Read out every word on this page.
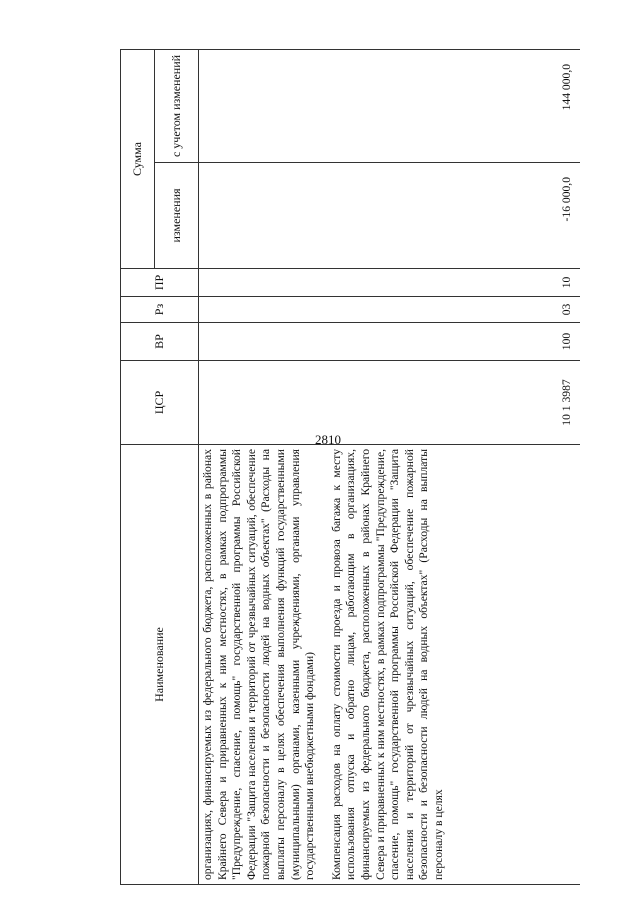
2810
Наименование	ЦСР	ВР	Рз	ПР	Сумма	
					изменения	с учетом изменений

организациях, финансируемых из федерального бюджета, расположенных в районах Крайнего Севера и приравненных к ним местностях, в рамках подпрограммы "Предупреждение, спасение, помощь" государственной программы Российской Федерации "Защита населения и территорий от чрезвычайных ситуаций, обеспечение пожарной безопасности и безопасности людей на водных объектах" (Расходы на выплаты персоналу в целях обеспечения выполнения функций государственными (муниципальными) органами, казенными учреждениями, органами управления государственными внебюджетными фондами) Компенсация расходов на оплату стоимости проезда и провоза багажа к месту использования отпуска и обратно лицам, работающим в организациях, финансируемых из федерального бюджета, расположенных в районах Крайнего Севера и приравненных к ним местностях, в рамках подпрограммы "Предупреждение, спасение, помощь" государственной программы Российской Федерации "Защита населения и территорий от чрезвычайных ситуаций, обеспечение пожарной безопасности и безопасности людей на водных объектах" (Расходы на выплаты персоналу в целях	10 1 3987	100	03	10	-16 000,0	144 000,0
